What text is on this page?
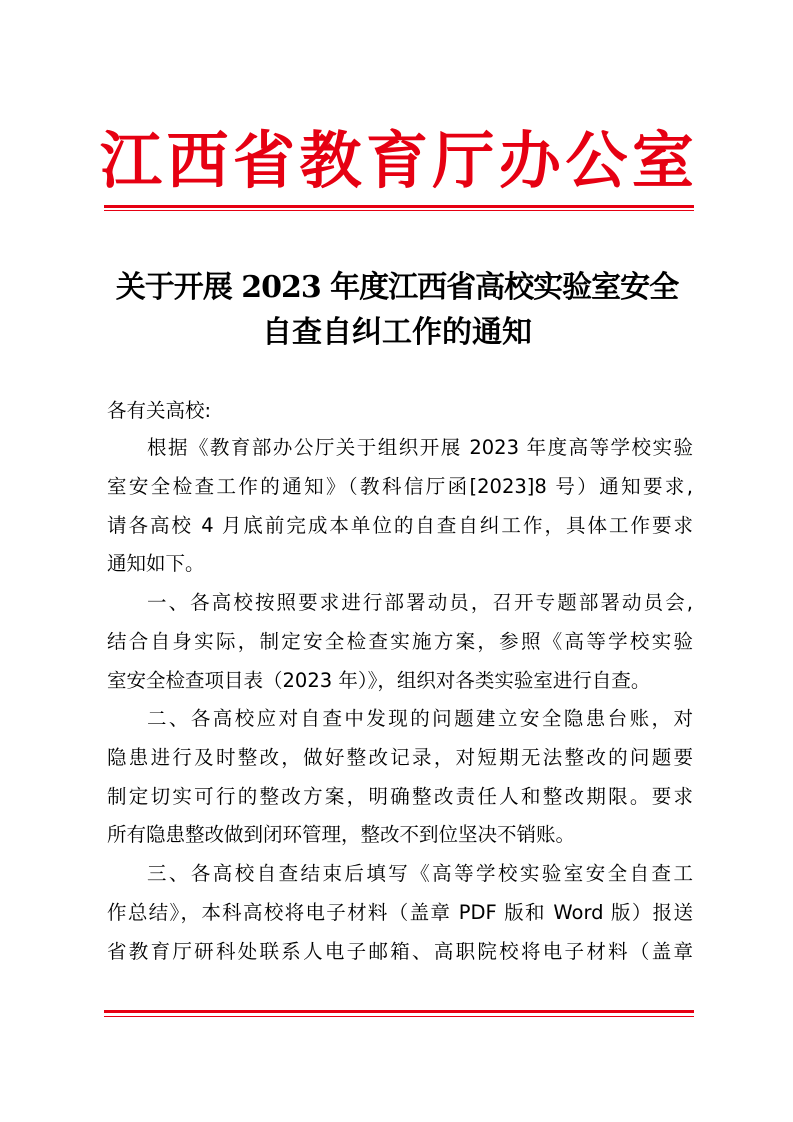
江 西 省 教 育 厅 办 公 室
关于开展 2023 年度江西省高校实验室安全
自查自纠工作的通知

各有关高校:

根据《教育部办公厅关于组织开展 2023 年度高等学校实验
室安全检查工作的通知》（教科信厅函[2023]8 号）通知要求,
请各高校 4 月底前完成本单位的自查自纠工作，具体工作要求
通知如下。
一、各高校按照要求进行部署动员，召开专题部署动员会,
结合自身实际，制定安全检查实施方案，参照《高等学校实验
室安全检查项目表（2023 年）》，组织对各类实验室进行自查。
二、各高校应对自查中发现的问题建立安全隐患台账，对
隐患进行及时整改，做好整改记录，对短期无法整改的问题要
制定切实可行的整改方案，明确整改责任人和整改期限。要求
所有隐患整改做到闭环管理，整改不到位坚决不销账。
三、各高校自查结束后填写《高等学校实验室安全自查工
作总结》，本科高校将电子材料（盖章 PDF 版和 Word 版）报送
省教育厅研科处联系人电子邮箱、高职院校将电子材料（盖章
